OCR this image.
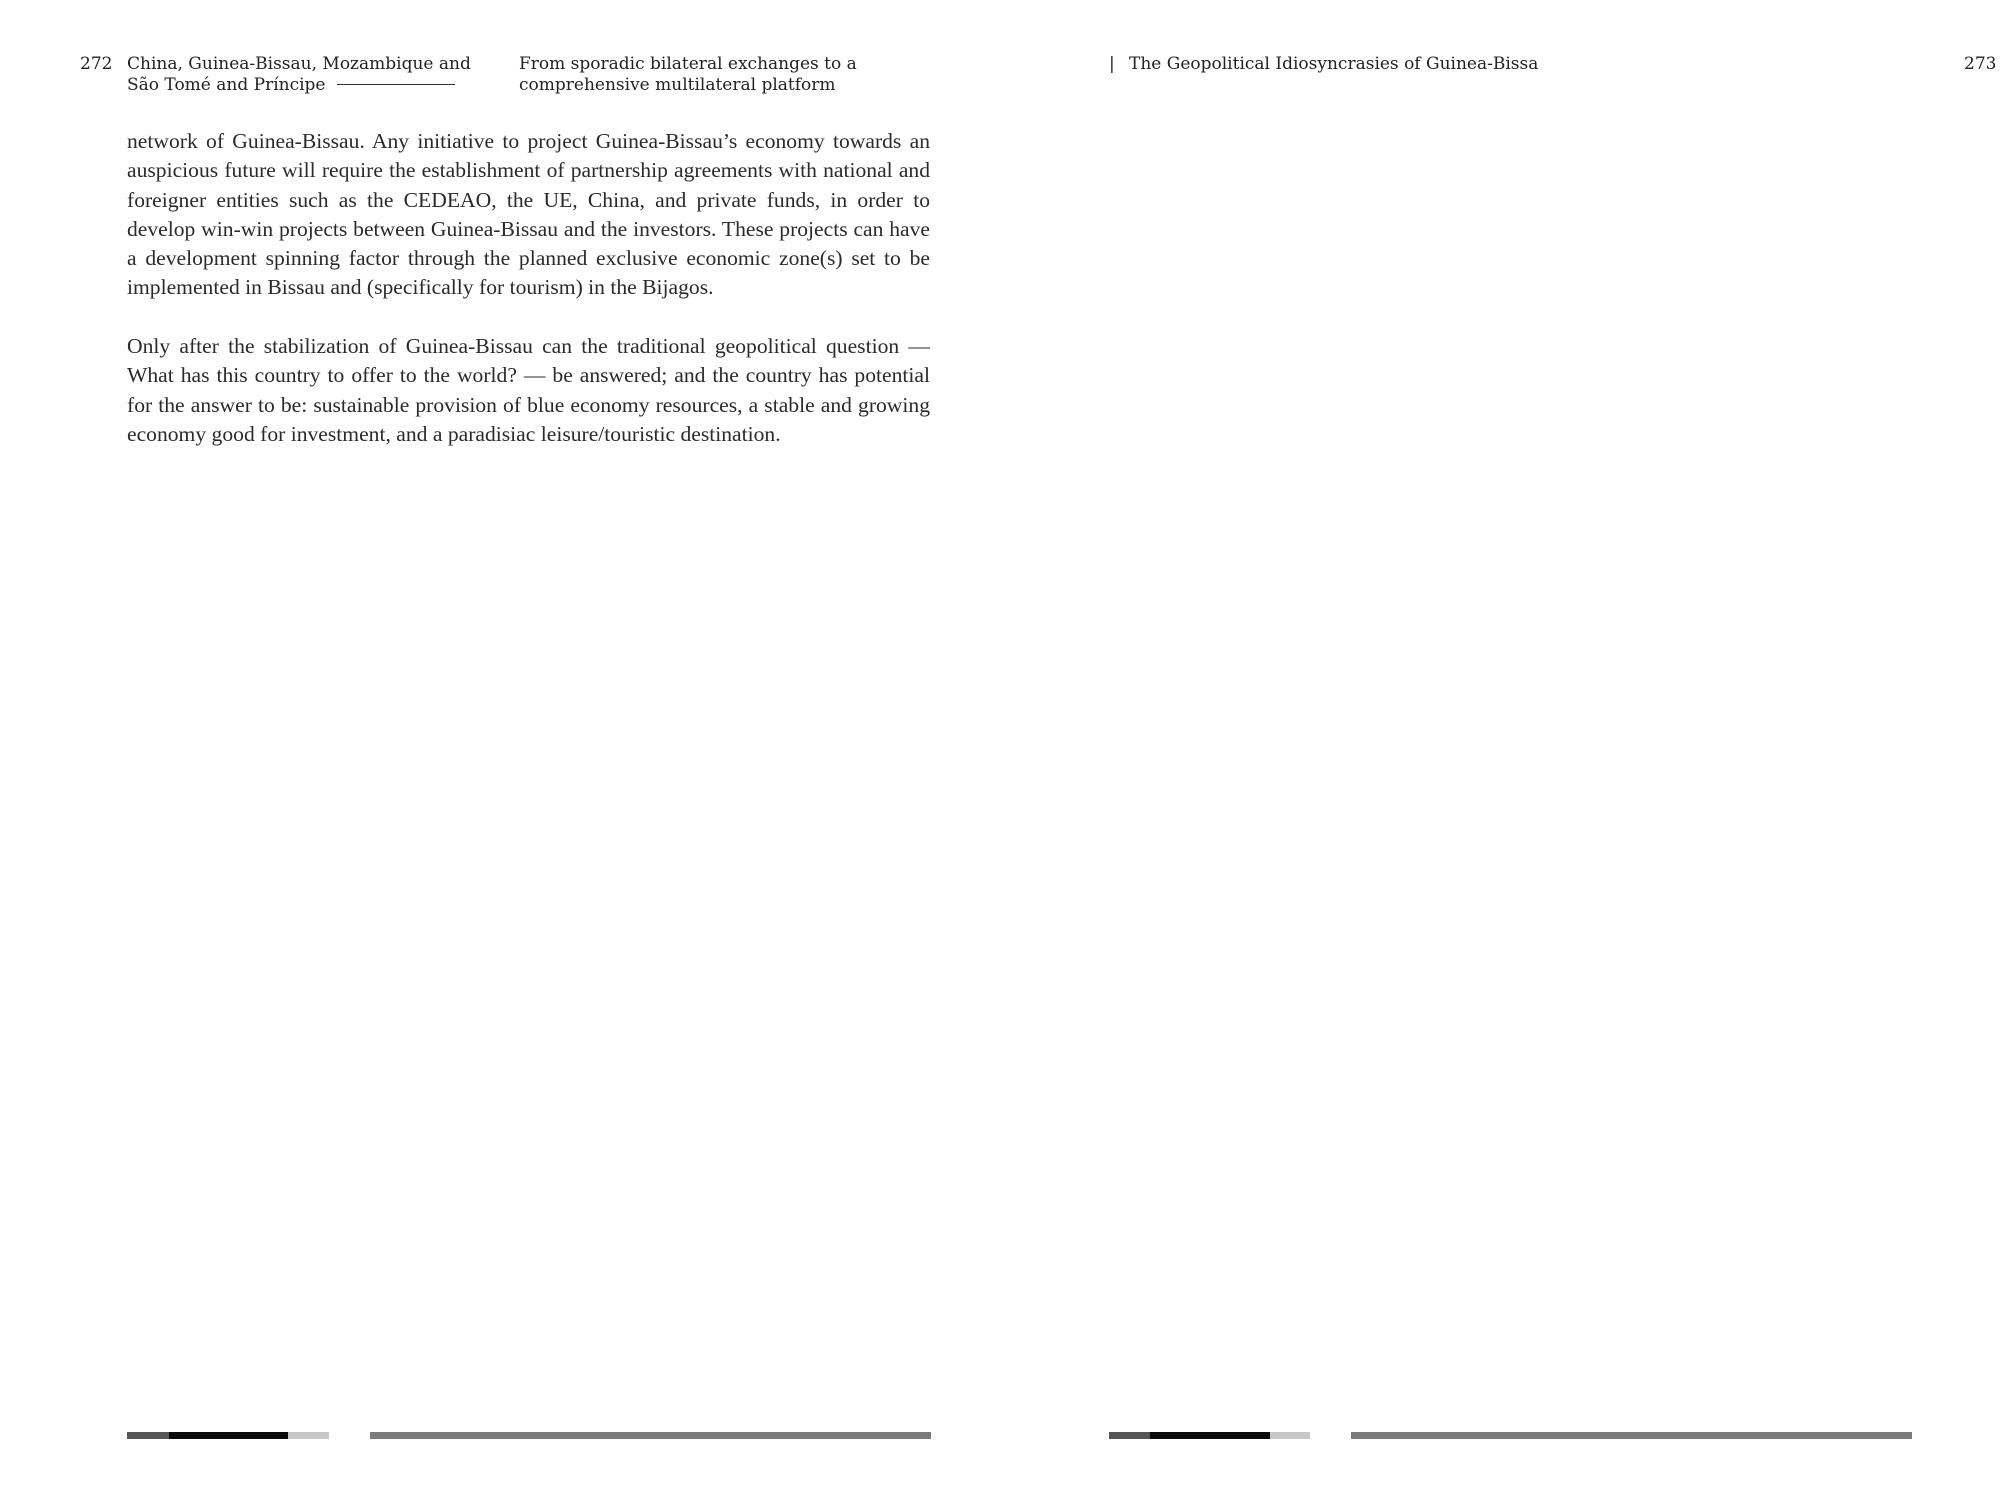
272 China, Guinea-Bissau, Mozambique and
São Tomé and Príncipe
From sporadic bilateral exchanges to a
comprehensive multilateral platform

network of Guinea-Bissau. Any initiative to project Guinea-Bissau’s economy towards an auspicious future will require the establishment of partnership agreements with national and foreigner entities such as the CEDEAO, the UE, China, and private funds, in order to develop win-win projects between Guinea-Bissau and the investors. These projects can have a development spinning factor through the planned exclusive economic zone(s) set to be implemented in Bissau and (specifically for tourism) in the Bijagos.

Only after the stabilization of Guinea-Bissau can the traditional geopolitical question — What has this country to offer to the world? — be answered; and the country has potential for the answer to be: sustainable provision of blue economy resources, a stable and growing economy good for investment, and a paradisiac leisure/touristic destination.

| The Geopolitical Idiosyncrasies of Guinea-Bissa	273
